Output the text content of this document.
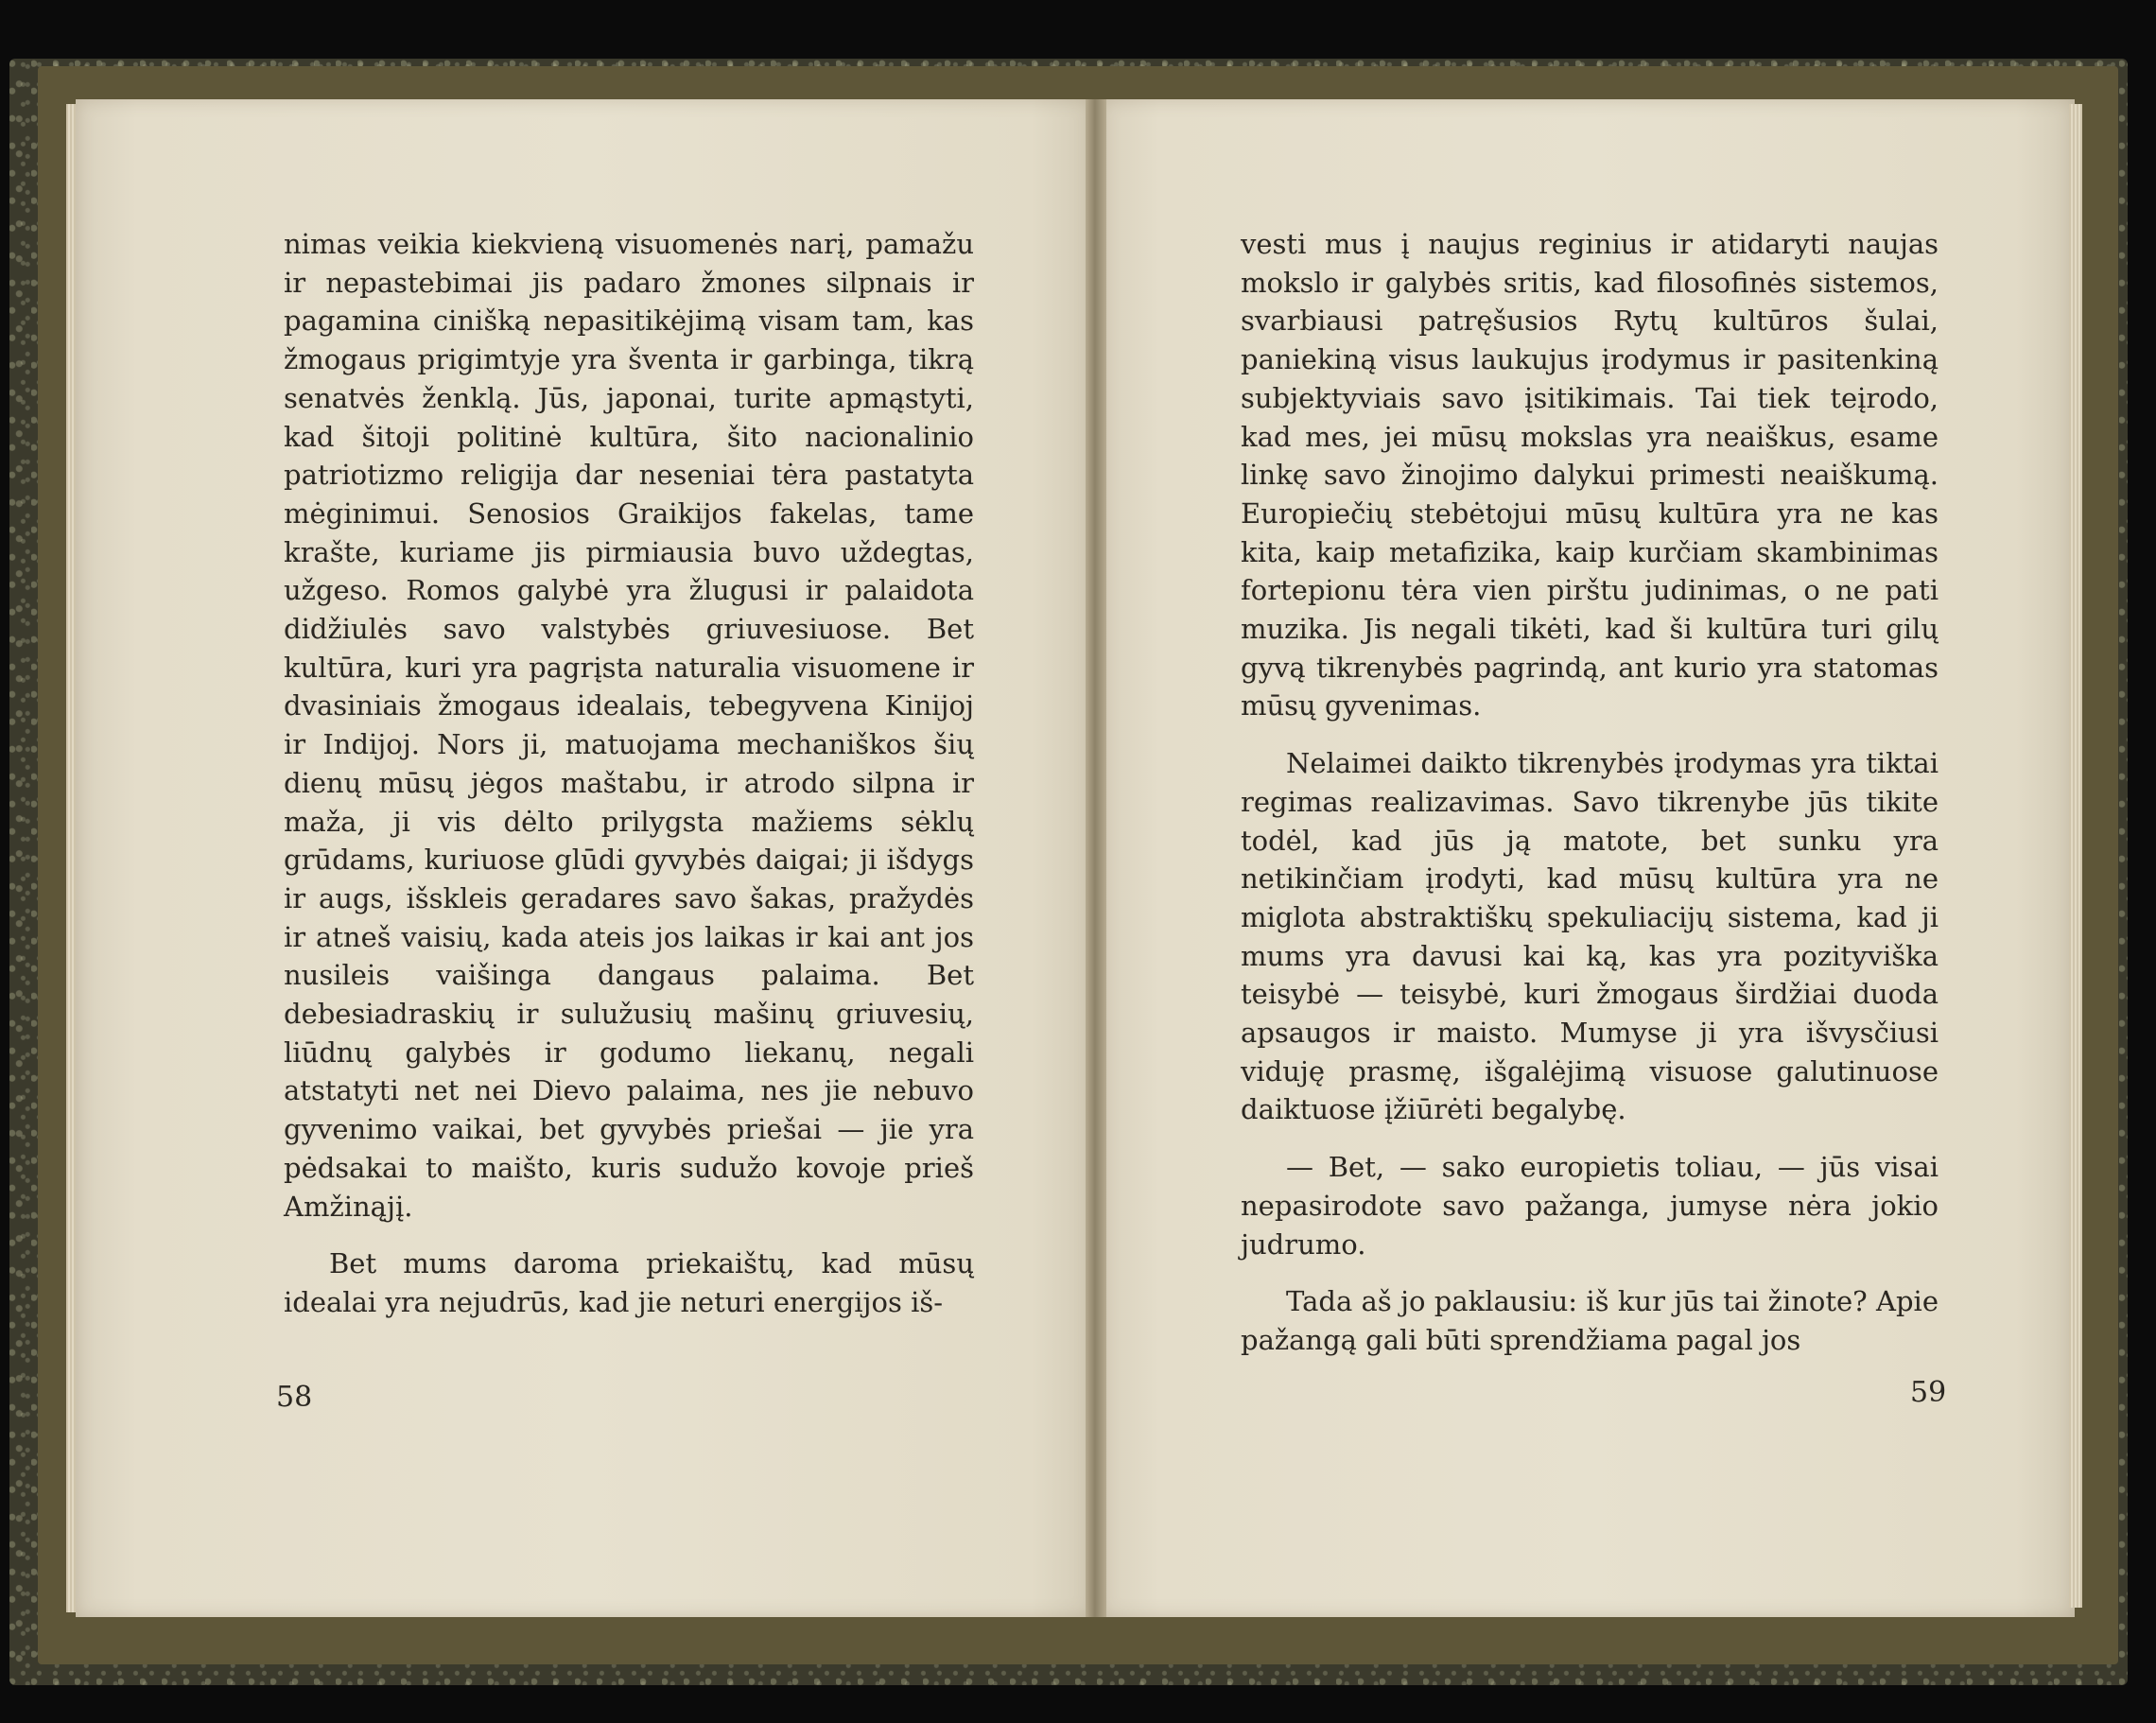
nimas veikia kiekvieną visuomenės narį, pamažu ir nepastebimai jis padaro žmones silpnais ir pagamina cinišką nepasitikėjimą visam tam, kas žmogaus prigimtyje yra šventa ir garbinga, tikrą senatvės ženklą. Jūs, japonai, turite apmąstyti, kad šitoji politinė kultūra, šito nacionalinio patriotizmo religija dar neseniai tėra pastatyta mėginimui. Senosios Graikijos fakelas, tame krašte, kuriame jis pirmiausia buvo uždegtas, užgeso. Romos galybė yra žlugusi ir palaidota didžiulės savo valstybės griuvesiuose. Bet kultūra, kuri yra pagrįsta naturalia visuomene ir dvasiniais žmogaus idealais, tebegyvena Kinijoj ir Indijoj. Nors ji, matuojama mechaniškos šių dienų mūsų jėgos maštabu, ir atrodo silpna ir maža, ji vis dėlto prilygsta mažiems sėklų grūdams, kuriuose glūdi gyvybės daigai; ji išdygs ir augs, išskleis geradares savo šakas, pražydės ir atneš vaisių, kada ateis jos laikas ir kai ant jos nusileis vaišinga dangaus palaima. Bet debesiadraskių ir sulužusių mašinų griuvesių, liūdnų galybės ir godumo liekanų, negali atstatyti net nei Dievo palaima, nes jie nebuvo gyvenimo vaikai, bet gyvybės priešai — jie yra pėdsakai to maišto, kuris sudužo kovoje prieš Amžinąjį.

Bet mums daroma priekaištų, kad mūsų idealai yra nejudrūs, kad jie neturi energijos iš-

vesti mus į naujus reginius ir atidaryti naujas mokslo ir galybės sritis, kad filosofinės sistemos, svarbiausi patręšusios Rytų kultūros šulai, paniekiną visus laukujus įrodymus ir pasitenkiną subjektyviais savo įsitikimais. Tai tiek teįrodo, kad mes, jei mūsų mokslas yra neaiškus, esame linkę savo žinojimo dalykui primesti neaiškumą. Europiečių stebėtojui mūsų kultūra yra ne kas kita, kaip metafizika, kaip kurčiam skambinimas fortepionu tėra vien pirštu judinimas, o ne pati muzika. Jis negali tikėti, kad ši kultūra turi gilų gyvą tikrenybės pagrindą, ant kurio yra statomas mūsų gyvenimas.

Nelaimei daikto tikrenybės įrodymas yra tiktai regimas realizavimas. Savo tikrenybe jūs tikite todėl, kad jūs ją matote, bet sunku yra netikinčiam įrodyti, kad mūsų kultūra yra ne miglota abstraktiškų spekuliacijų sistema, kad ji mums yra davusi kai ką, kas yra pozityviška teisybė — teisybė, kuri žmogaus širdžiai duoda apsaugos ir maisto. Mumyse ji yra išvysčiusi viduję prasmę, išgalėjimą visuose galutinuose daiktuose įžiūrėti begalybę.

— Bet, — sako europietis toliau, — jūs visai nepasirodote savo pažanga, jumyse nėra jokio judrumo.

Tada aš jo paklausiu: iš kur jūs tai žinote? Apie pažangą gali būti sprendžiama pagal jos

58	59
